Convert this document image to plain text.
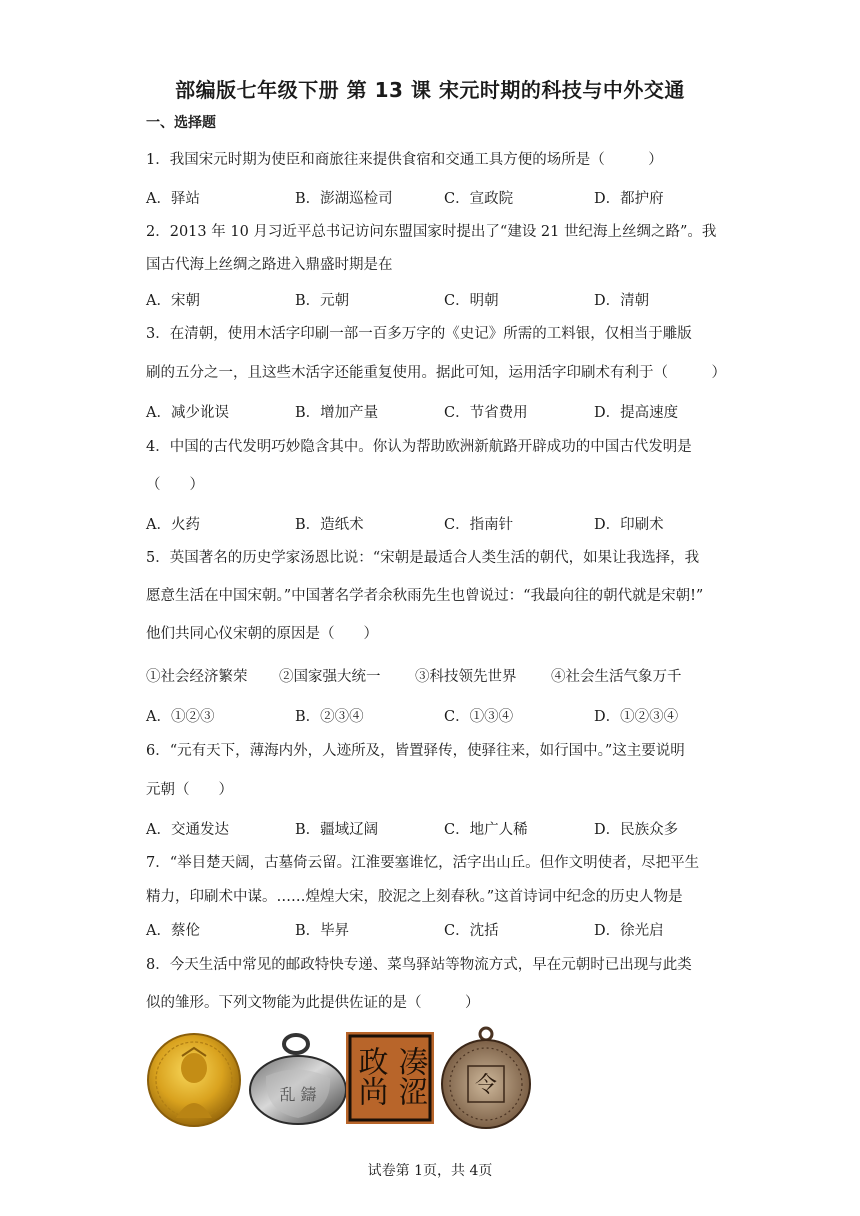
部编版七年级下册 第 13 课 宋元时期的科技与中外交通
一、选择题
1．我国宋元时期为使臣和商旅往来提供食宿和交通工具方便的场所是（　　　）
A．驿站	B．澎湖巡检司	C．宣政院	D．都护府
2．2013 年 10 月习近平总书记访问东盟国家时提出了“建设 21 世纪海上丝绸之路”。我
国古代海上丝绸之路进入鼎盛时期是在
A．宋朝	B．元朝	C．明朝	D．清朝
3．在清朝，使用木活字印刷一部一百多万字的《史记》所需的工料银，仅相当于雕版
刷的五分之一，且这些木活字还能重复使用。据此可知，运用活字印刷术有利于（　　　）
A．减少讹误	B．增加产量	C．节省费用	D．提高速度
4．中国的古代发明巧妙隐含其中。你认为帮助欧洲新航路开辟成功的中国古代发明是
（　　）
A．火药	B．造纸术	C．指南针	D．印刷术
5．英国著名的历史学家汤恩比说：“宋朝是最适合人类生活的朝代，如果让我选择，我
愿意生活在中国宋朝。”中国著名学者余秋雨先生也曾说过：“我最向往的朝代就是宋朝!”
他们共同心仪宋朝的原因是（　　）
①社会经济繁荣 ②国家强大统一 ③科技领先世界 ④社会生活气象万千
A．①②③	B．②③④	C．①③④	D．①②③④
6．“元有天下，薄海内外，人迹所及，皆置驿传，使驿往来，如行国中。”这主要说明
元朝（　　）
A．交通发达	B．疆域辽阔	C．地广人稀	D．民族众多
7．“举目楚天阔，古墓倚云留。江淮要塞谁忆，活字出山丘。但作文明使者，尽把平生
精力，印刷术中谋。……煌煌大宋，胶泥之上刻春秋。”这首诗词中纪念的历史人物是
A．蔡伦	B．毕昇	C．沈括	D．徐光启
8．今天生活中常见的邮政特快专递、菜鸟驿站等物流方式，早在元朝时已出现与此类
似的雏形。下列文物能为此提供佐证的是（　　　）
乱 鑄	凑涩
政尚	令
试卷第 1页，共 4页
